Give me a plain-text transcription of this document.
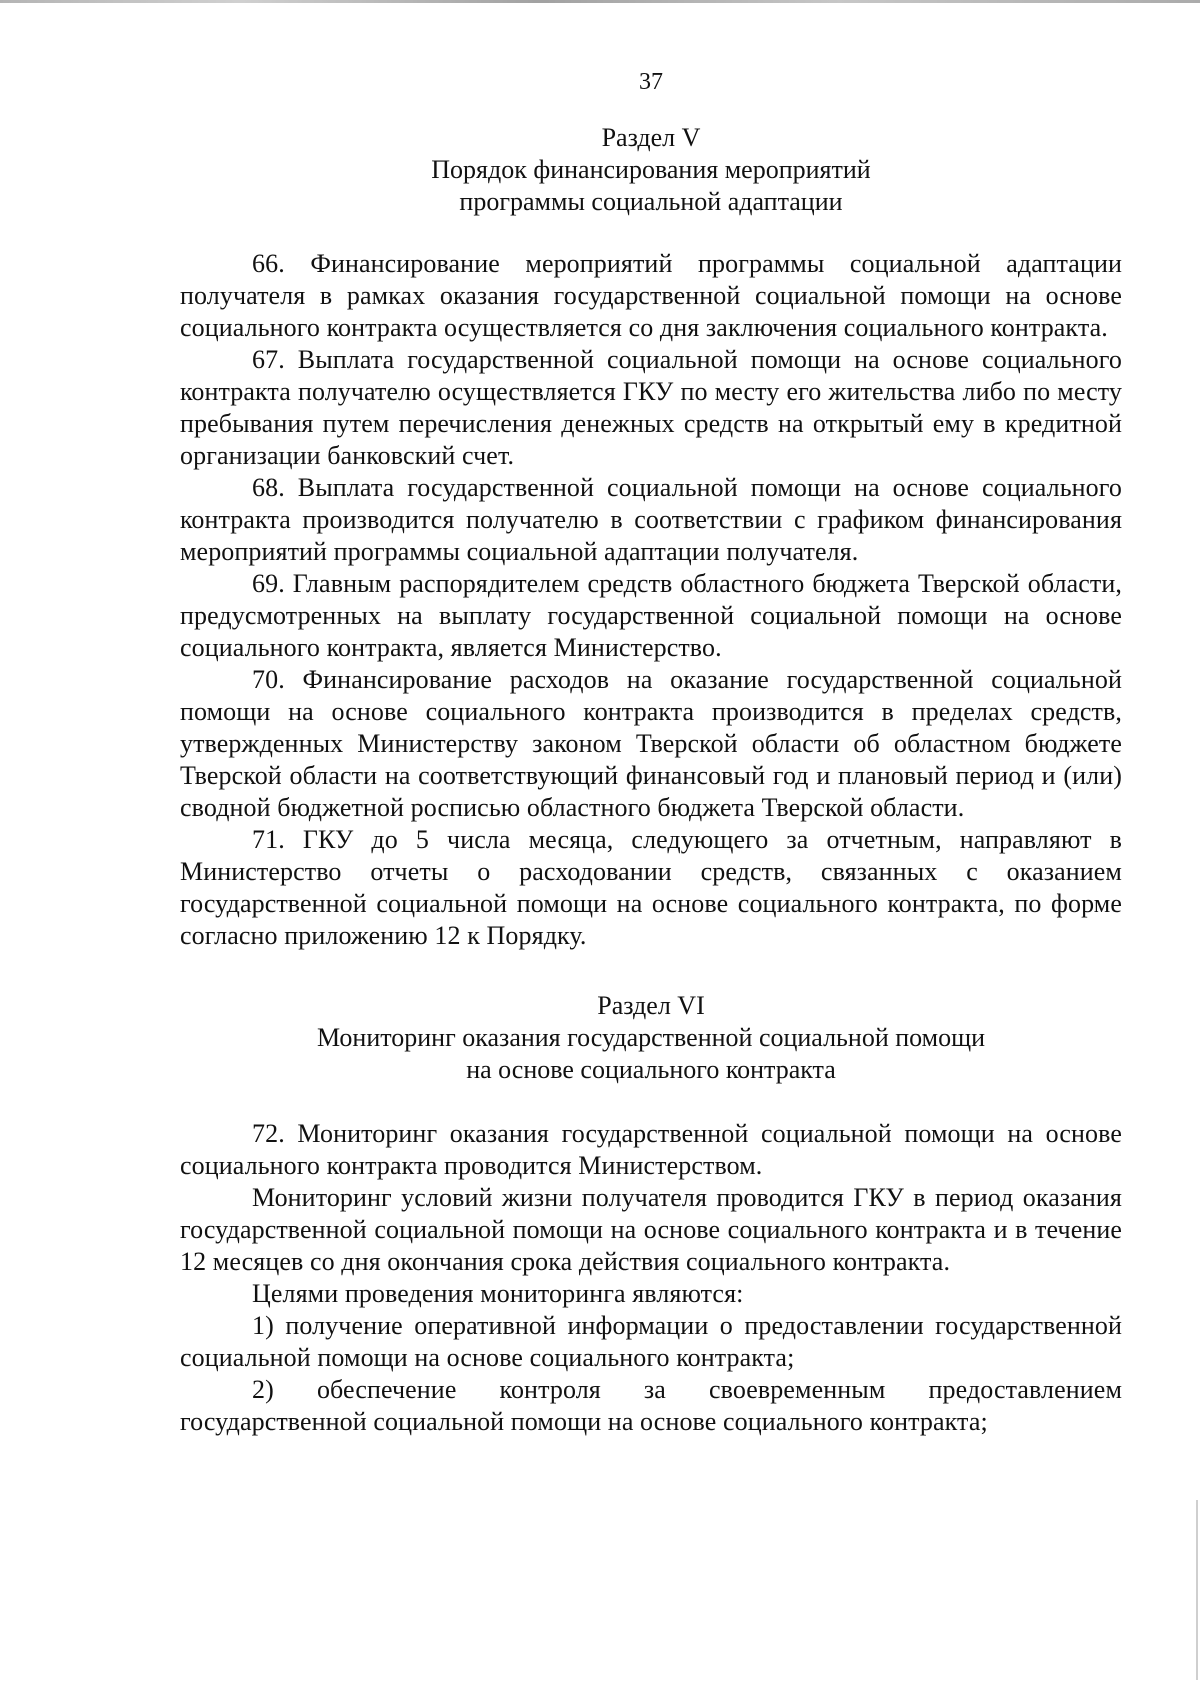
37
Раздел V
Порядок финансирования мероприятий
программы социальной адаптации

66. Финансирование мероприятий программы социальной адаптации получателя в рамках оказания государственной социальной помощи на основе социального контракта осуществляется со дня заключения социального контракта.

67. Выплата государственной социальной помощи на основе социального контракта получателю осуществляется ГКУ по месту его жительства либо по месту пребывания путем перечисления денежных средств на открытый ему в кредитной организации банковский счет.

68. Выплата государственной социальной помощи на основе социального контракта производится получателю в соответствии с графиком финансирования мероприятий программы социальной адаптации получателя.

69. Главным распорядителем средств областного бюджета Тверской области, предусмотренных на выплату государственной социальной помощи на основе социального контракта, является Министерство.

70. Финансирование расходов на оказание государственной социальной помощи на основе социального контракта производится в пределах средств, утвержденных Министерству законом Тверской области об областном бюджете Тверской области на соответствующий финансовый год и плановый период и (или) сводной бюджетной росписью областного бюджета Тверской области.

71. ГКУ до 5 числа месяца, следующего за отчетным, направляют в Министерство отчеты о расходовании средств, связанных с оказанием государственной социальной помощи на основе социального контракта, по форме согласно приложению 12 к Порядку.

Раздел VI
Мониторинг оказания государственной социальной помощи
на основе социального контракта

72. Мониторинг оказания государственной социальной помощи на основе социального контракта проводится Министерством.

Мониторинг условий жизни получателя проводится ГКУ в период оказания государственной социальной помощи на основе социального контракта и в течение 12 месяцев со дня окончания срока действия социального контракта.

Целями проведения мониторинга являются:

1) получение оперативной информации о предоставлении государственной социальной помощи на основе социального контракта;

2) обеспечение контроля за своевременным предоставлением государственной социальной помощи на основе социального контракта;
